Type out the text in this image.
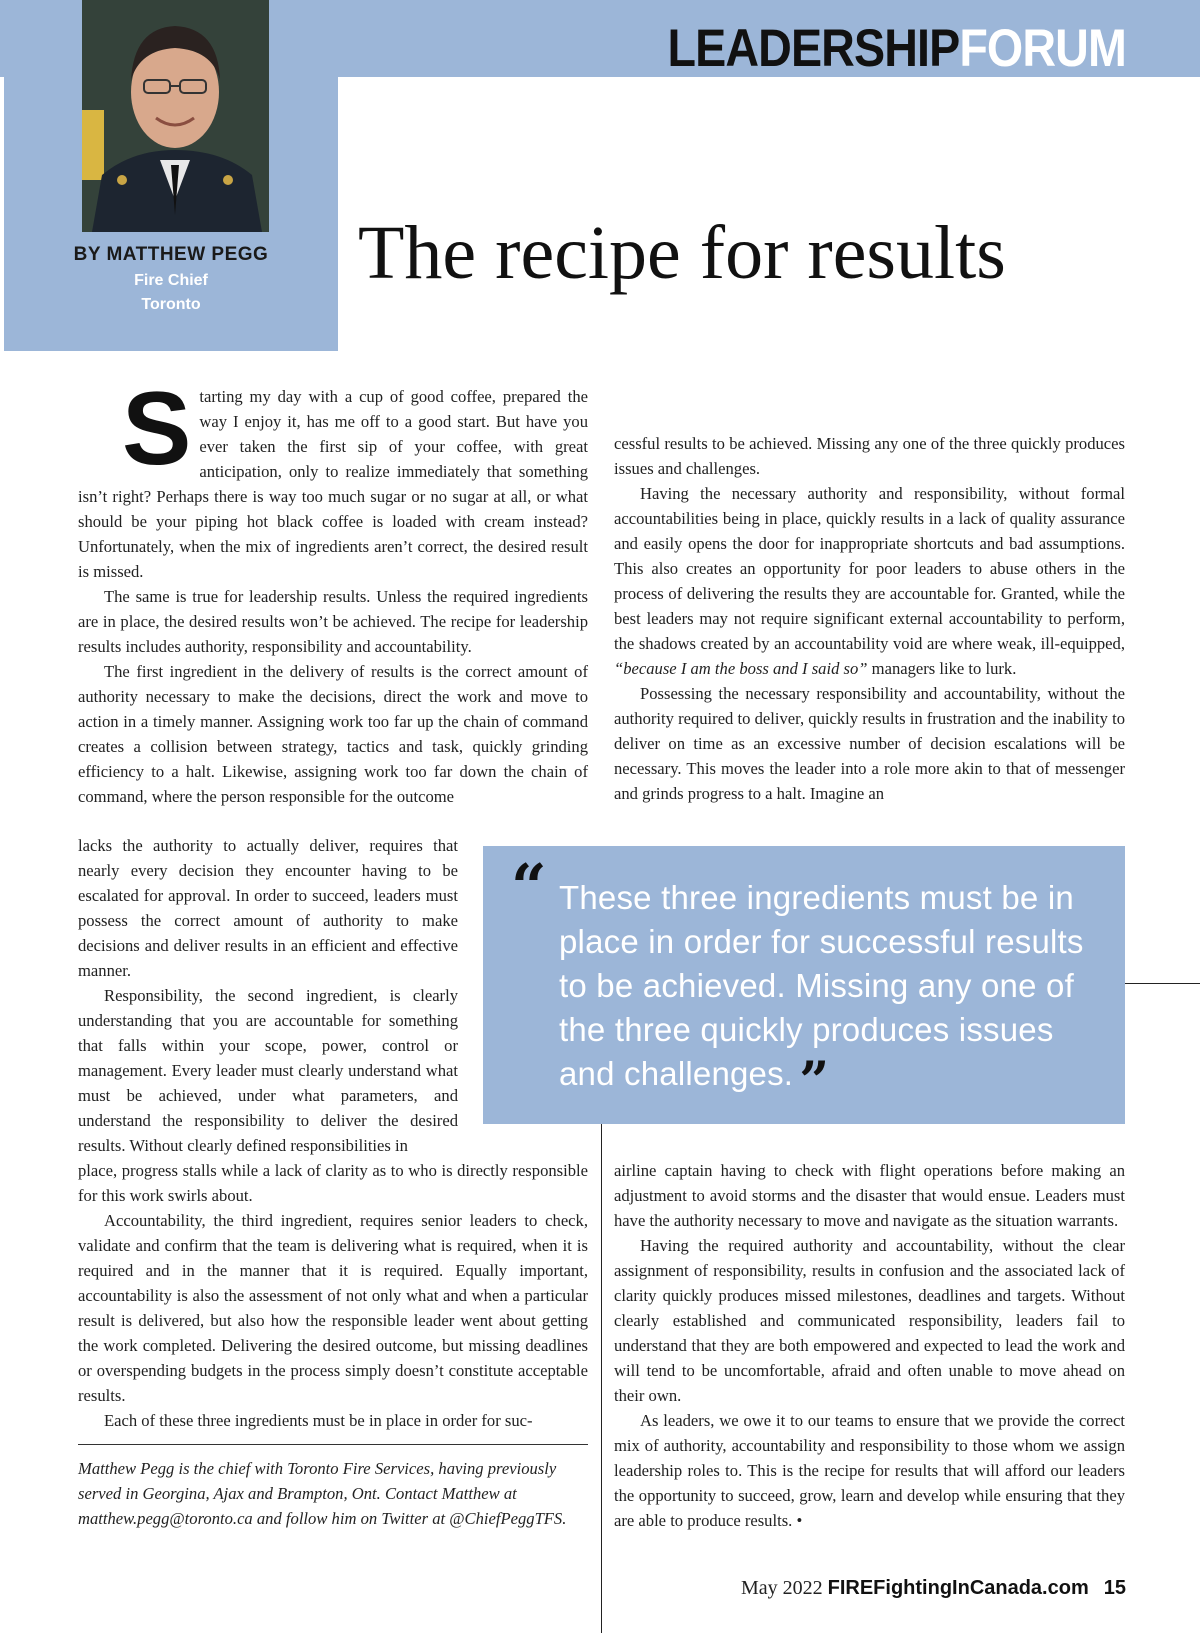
BY MATTHEW PEGG
Fire Chief
Toronto
LEADERSHIPFORUM
The recipe for results

Starting my day with a cup of good coffee, prepared the way I enjoy it, has me off to a good start. But have you ever taken the first sip of your coffee, with great anticipation, only to realize immediately that something isn’t right? Perhaps there is way too much sugar or no sugar at all, or what should be your piping hot black coffee is loaded with cream instead? Unfortunately, when the mix of ingredients aren’t correct, the desired result is missed.

The same is true for leadership results. Unless the required ingredients are in place, the desired results won’t be achieved. The recipe for leadership results includes authority, responsibility and accountability.

The first ingredient in the delivery of results is the correct amount of authority necessary to make the decisions, direct the work and move to action in a timely manner. Assigning work too far up the chain of command creates a collision between strategy, tactics and task, quickly grinding efficiency to a halt. Likewise, assigning work too far down the chain of command, where the person responsible for the outcome

lacks the authority to actually deliver, requires that nearly every decision they encounter having to be escalated for approval. In order to succeed, leaders must possess the correct amount of authority to make decisions and deliver results in an efficient and effective manner.

Responsibility, the second ingredient, is clearly understanding that you are accountable for something that falls within your scope, power, control or management. Every leader must clearly understand what must be achieved, under what parameters, and understand the responsibility to deliver the desired results. Without clearly defined responsibilities in

place, progress stalls while a lack of clarity as to who is directly responsible for this work swirls about.

Accountability, the third ingredient, requires senior leaders to check, validate and confirm that the team is delivering what is required, when it is required and in the manner that it is required. Equally important, accountability is also the assessment of not only what and when a particular result is delivered, but also how the responsible leader went about getting the work completed. Delivering the desired outcome, but missing deadlines or overspending budgets in the process simply doesn’t constitute acceptable results.

Each of these three ingredients must be in place in order for suc-

cessful results to be achieved. Missing any one of the three quickly produces issues and challenges.

Having the necessary authority and responsibility, without formal accountabilities being in place, quickly results in a lack of quality assurance and easily opens the door for inappropriate shortcuts and bad assumptions. This also creates an opportunity for poor leaders to abuse others in the process of delivering the results they are accountable for. Granted, while the best leaders may not require significant external accountability to perform, the shadows created by an accountability void are where weak, ill-equipped, “because I am the boss and I said so” managers like to lurk.

Possessing the necessary responsibility and accountability, without the authority required to deliver, quickly results in frustration and the inability to deliver on time as an excessive number of decision escalations will be necessary. This moves the leader into a role more akin to that of messenger and grinds progress to a halt. Imagine an

“ These three ingredients must be in place in order for successful results to be achieved. Missing any one of the three quickly produces issues and challenges. ”

airline captain having to check with flight operations before making an adjustment to avoid storms and the disaster that would ensue. Leaders must have the authority necessary to move and navigate as the situation warrants.

Having the required authority and accountability, without the clear assignment of responsibility, results in confusion and the associated lack of clarity quickly produces missed milestones, deadlines and targets. Without clearly established and communicated responsibility, leaders fail to understand that they are both empowered and expected to lead the work and will tend to be uncomfortable, afraid and often unable to move ahead on their own.

As leaders, we owe it to our teams to ensure that we provide the correct mix of authority, accountability and responsibility to those whom we assign leadership roles to. This is the recipe for results that will afford our leaders the opportunity to succeed, grow, learn and develop while ensuring that they are able to produce results. •

Matthew Pegg is the chief with Toronto Fire Services, having previously served in Georgina, Ajax and Brampton, Ont. Contact Matthew at matthew.pegg@toronto.ca and follow him on Twitter at @ChiefPeggTFS.
May 2022 FIREFightingInCanada.com 15
